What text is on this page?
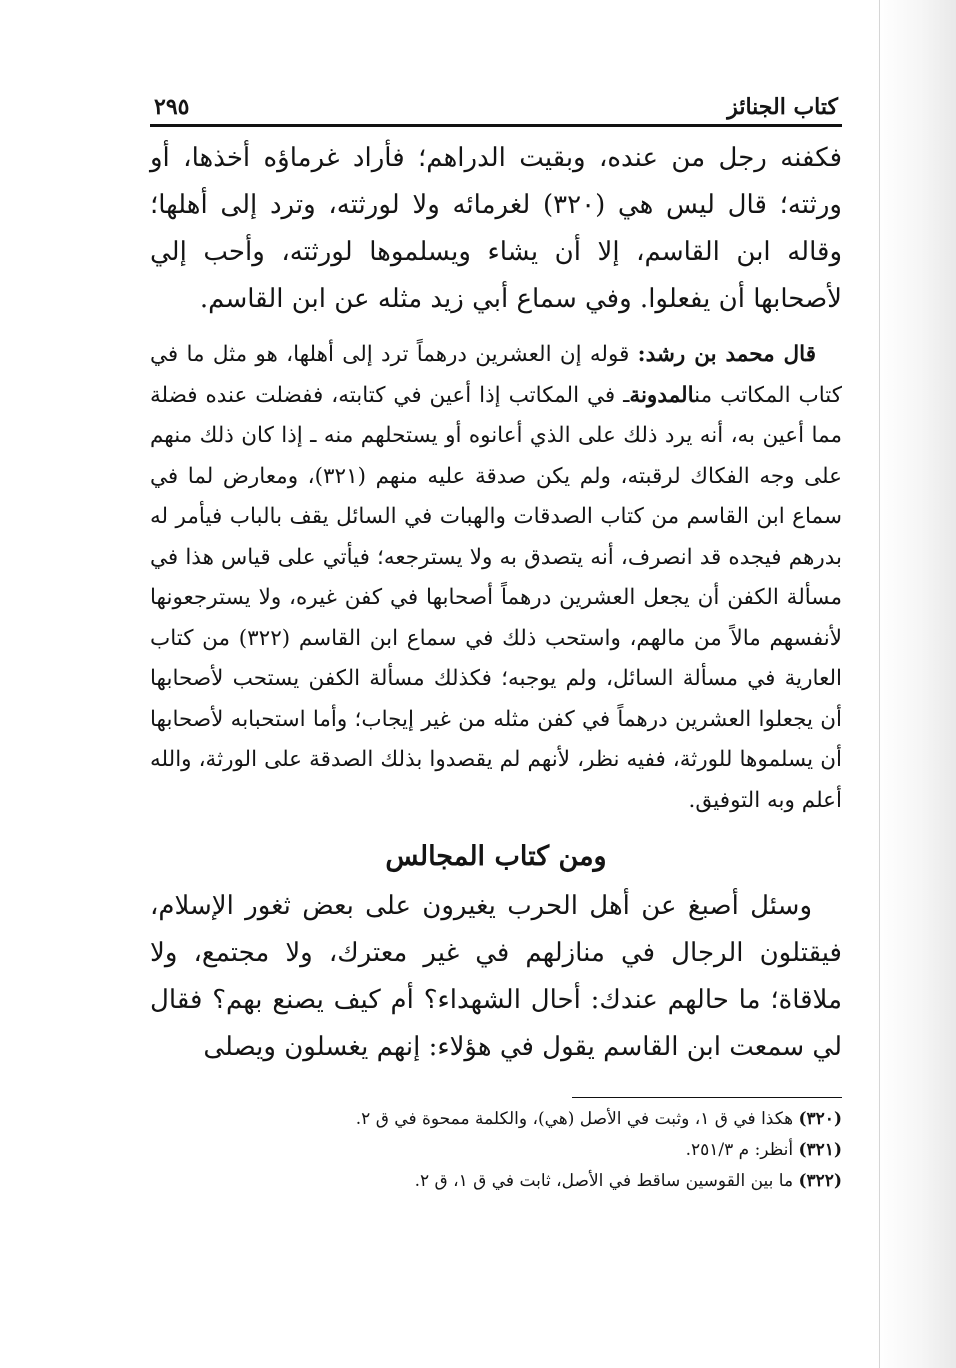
كتاب الجنائز
٢٩٥

فكفنه رجل من عنده، وبقيت الدراهم؛ فأراد غرماؤه أخذها، أو ورثته؛ قال ليس هي (٣٢٠) لغرمائه ولا لورثته، وترد إلى أهلها؛ وقاله ابن القاسم، إلا أن يشاء ويسلموها لورثته، وأحب إلي لأصحابها أن يفعلوا. وفي سماع أبي زيد مثله عن ابن القاسم.

قال محمد بن رشد: قوله إن العشرين درهماً ترد إلى أهلها، هو مثل ما في كتاب المكاتب منالمدونةـ في المكاتب إذا أعين في كتابته، ففضلت عنده فضلة مما أعين به، أنه يرد ذلك على الذي أعانوه أو يستحلهم منه ـ إذا كان ذلك منهم على وجه الفكاك لرقبته، ولم يكن صدقة عليه منهم (٣٢١)، ومعارض لما في سماع ابن القاسم من كتاب الصدقات والهبات في السائل يقف بالباب فيأمر له بدرهم فيجده قد انصرف، أنه يتصدق به ولا يسترجعه؛ فيأتي على قياس هذا في مسألة الكفن أن يجعل العشرين درهماً أصحابها في كفن غيره، ولا يسترجعونها لأنفسهم مالاً من مالهم، واستحب ذلك في سماع ابن القاسم (٣٢٢) من كتاب العارية في مسألة السائل، ولم يوجبه؛ فكذلك مسألة الكفن يستحب لأصحابها أن يجعلوا العشرين درهماً في كفن مثله من غير إيجاب؛ وأما استحبابه لأصحابها أن يسلموها للورثة، ففيه نظر، لأنهم لم يقصدوا بذلك الصدقة على الورثة، والله أعلم وبه التوفيق.

ومن كتاب المجالس

وسئل أصبغ عن أهل الحرب يغيرون على بعض ثغور الإسلام، فيقتلون الرجال في منازلهم في غير معترك، ولا مجتمع، ولا ملاقاة؛ ما حالهم عندك: أحال الشهداء؟ أم كيف يصنع بهم؟ فقال لي سمعت ابن القاسم يقول في هؤلاء: إنهم يغسلون ويصلى

(٣٢٠) هكذا في ق ١، وثبت في الأصل (هي)، والكلمة ممحوة في ق ٢.
(٣٢١) أنظر: م ٢٥١/٣.
(٣٢٢) ما بين القوسين ساقط في الأصل، ثابت في ق ١، ق ٢.
